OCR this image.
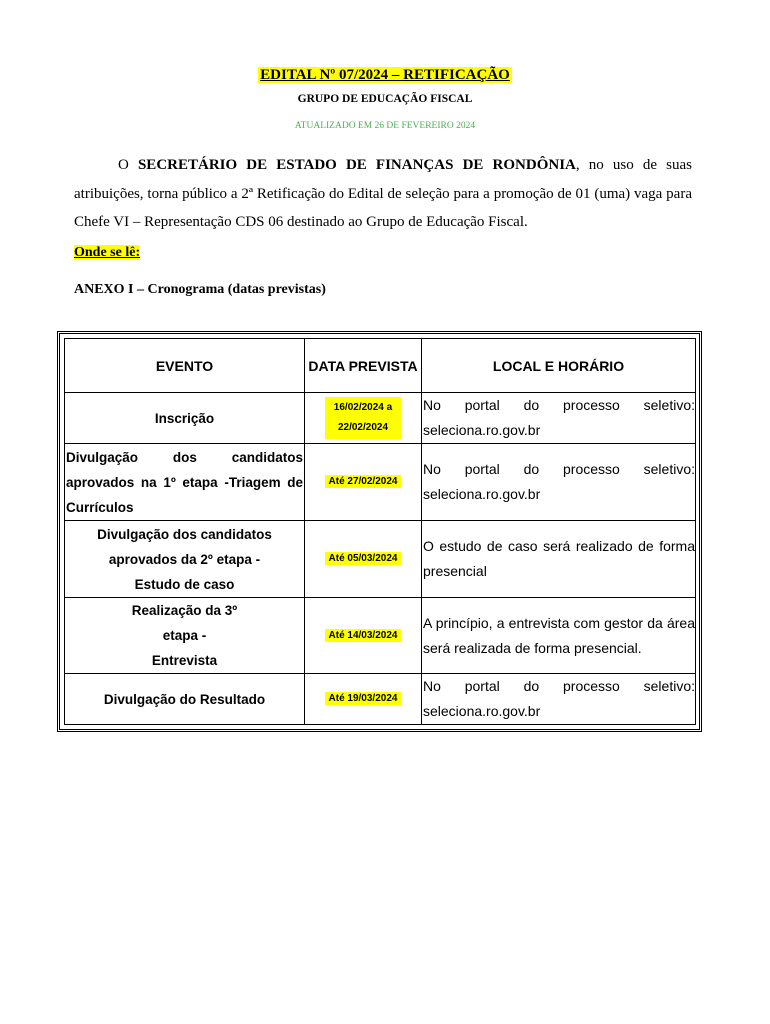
EDITAL Nº 07/2024 – RETIFICAÇÃO
GRUPO DE EDUCAÇÃO FISCAL
ATUALIZADO EM 26 DE FEVEREIRO 2024
O SECRETÁRIO DE ESTADO DE FINANÇAS DE RONDÔNIA, no uso de suas atribuições, torna público a 2ª Retificação do Edital de seleção para a promoção de 01 (uma) vaga para Chefe VI – Representação CDS 06 destinado ao Grupo de Educação Fiscal.
Onde se lê:
ANEXO I – Cronograma (datas previstas)
EVENTO	DATA PREVISTA	LOCAL E HORÁRIO
Inscrição	16/02/2024 a 22/02/2024	No portal do processo seletivo: seleciona.ro.gov.br
Divulgação dos candidatos aprovados na 1º etapa -Triagem de Currículos	Até 27/02/2024	No portal do processo seletivo: seleciona.ro.gov.br
Divulgação dos candidatos aprovados da 2º etapa - Estudo de caso	Até 05/03/2024	O estudo de caso será realizado de forma presencial
Realização da 3º etapa - Entrevista	Até 14/03/2024	A princípio, a entrevista com gestor da área será realizada de forma presencial.
Divulgação do Resultado	Até 19/03/2024	No portal do processo seletivo: seleciona.ro.gov.br
